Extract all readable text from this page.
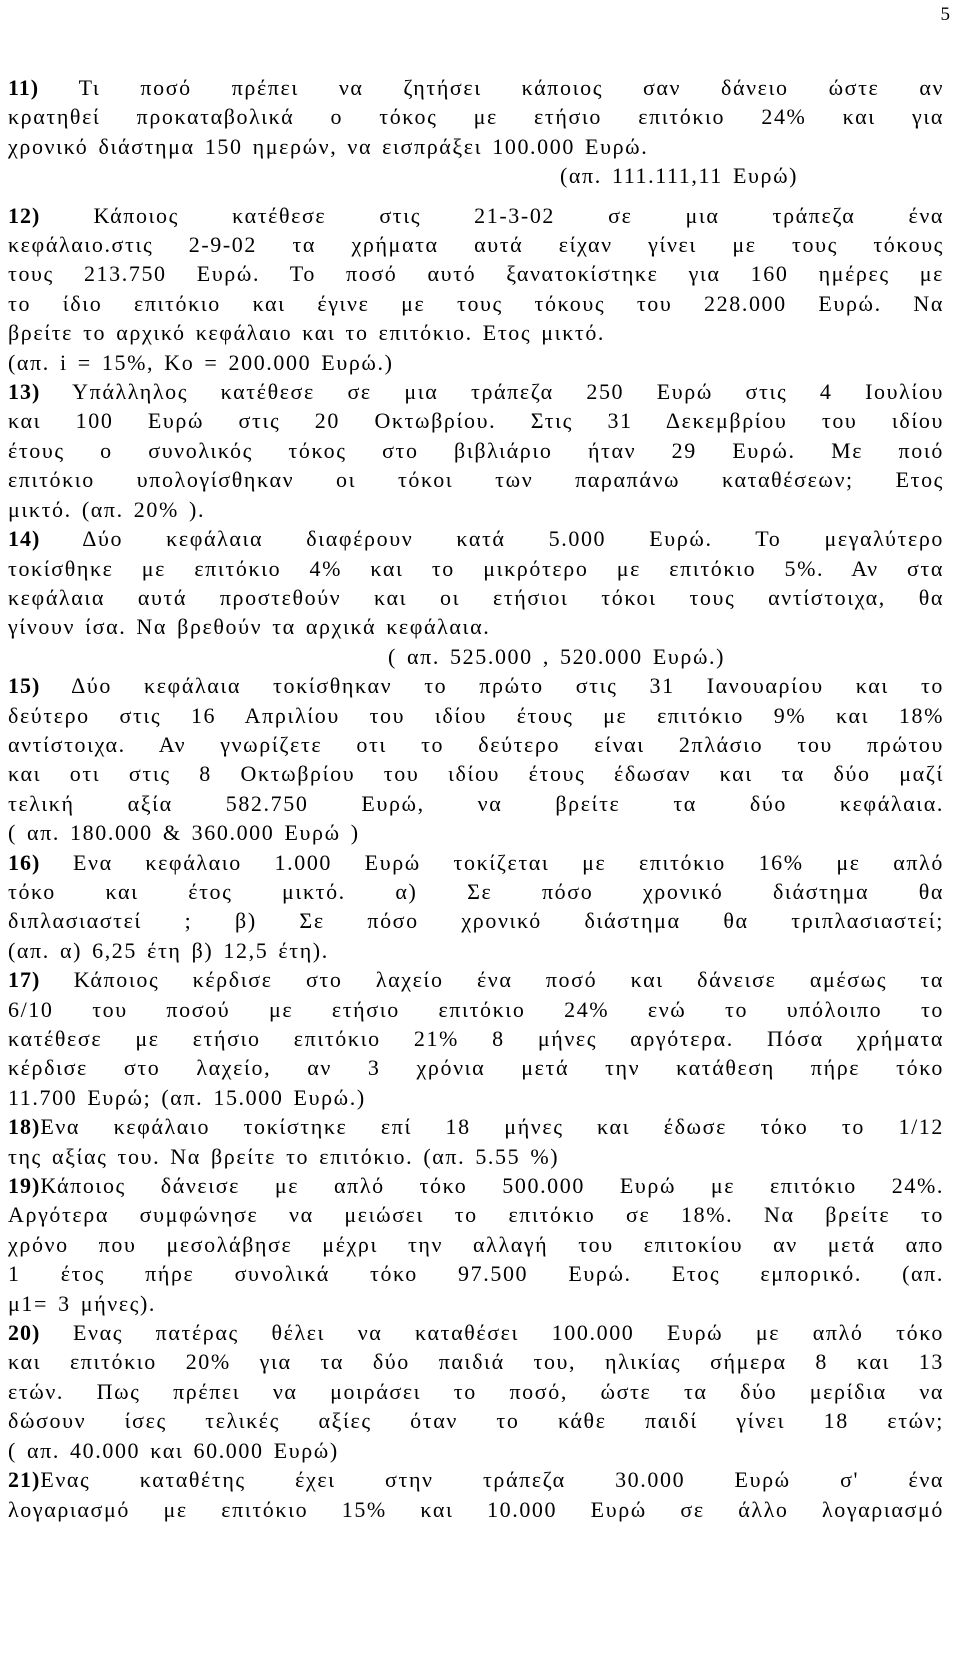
5
11) Τι ποσό πρέπει να ζητήσει κάποιος σαν δάνειο ώστε αν
κρατηθεί προκαταβολικά ο τόκος με ετήσιο επιτόκιο 24% και για
χρονικό διάστημα 150 ημερών, να εισπράξει 100.000 Ευρώ.
(απ. 111.111,11 Ευρώ)
12) Κάποιος κατέθεσε στις 21-3-02 σε μια τράπεζα ένα
κεφάλαιο.στις 2-9-02 τα χρήματα αυτά είχαν γίνει με τους τόκους
τους 213.750 Ευρώ. Το ποσό αυτό ξανατοκίστηκε για 160 ημέρες με
το ίδιο επιτόκιο και έγινε με τους τόκους του 228.000 Ευρώ. Να
βρείτε το αρχικό κεφάλαιο και το επιτόκιο. Ετος μικτό.
(απ. i = 15%, Κο = 200.000 Ευρώ.)
13) Υπάλληλος κατέθεσε σε μια τράπεζα 250 Ευρώ στις 4 Ιουλίου
και 100 Ευρώ στις 20 Οκτωβρίου. Στις 31 Δεκεμβρίου του ιδίου
έτους ο συνολικός τόκος στο βιβλιάριο ήταν 29 Ευρώ. Με ποιό
επιτόκιο υπολογίσθηκαν οι τόκοι των παραπάνω καταθέσεων; Ετος
μικτό. (απ. 20% ).
14) Δύο κεφάλαια διαφέρουν κατά 5.000 Ευρώ. Το μεγαλύτερο
τοκίσθηκε με επιτόκιο 4% και το μικρότερο με επιτόκιο 5%. Αν στα
κεφάλαια αυτά προστεθούν και οι ετήσιοι τόκοι τους αντίστοιχα, θα
γίνουν ίσα. Να βρεθούν τα αρχικά κεφάλαια.
( απ. 525.000 , 520.000 Ευρώ.)
15) Δύο κεφάλαια τοκίσθηκαν το πρώτο στις 31 Ιανουαρίου και το
δεύτερο στις 16 Απριλίου του ιδίου έτους με επιτόκιο 9% και 18%
αντίστοιχα. Αν γνωρίζετε οτι το δεύτερο είναι 2πλάσιο του πρώτου
και οτι στις 8 Οκτωβρίου του ιδίου έτους έδωσαν και τα δύο μαζί
τελική αξία 582.750 Ευρώ, να βρείτε τα δύο κεφάλαια.
( απ. 180.000 & 360.000 Ευρώ )
16) Ενα κεφάλαιο 1.000 Ευρώ τοκίζεται με επιτόκιο 16% με απλό
τόκο και έτος μικτό. α) Σε πόσο χρονικό διάστημα θα
διπλασιαστεί ; β) Σε πόσο χρονικό διάστημα θα τριπλασιαστεί;
(απ. α) 6,25 έτη β) 12,5 έτη).
17) Κάποιος κέρδισε στο λαχείο ένα ποσό και δάνεισε αμέσως τα
6/10 του ποσού με ετήσιο επιτόκιο 24% ενώ το υπόλοιπο το
κατέθεσε με ετήσιο επιτόκιο 21% 8 μήνες αργότερα. Πόσα χρήματα
κέρδισε στο λαχείο, αν 3 χρόνια μετά την κατάθεση πήρε τόκο
11.700 Ευρώ; (απ. 15.000 Ευρώ.)
18)Ενα κεφάλαιο τοκίστηκε επί 18 μήνες και έδωσε τόκο το 1/12
της αξίας του. Να βρείτε το επιτόκιο. (απ. 5.55 %)
19)Κάποιος δάνεισε με απλό τόκο 500.000 Ευρώ με επιτόκιο 24%.
Αργότερα συμφώνησε να μειώσει το επιτόκιο σε 18%. Να βρείτε το
χρόνο που μεσολάβησε μέχρι την αλλαγή του επιτοκίου αν μετά απο
1 έτος πήρε συνολικά τόκο 97.500 Ευρώ. Ετος εμπορικό. (απ.
μ1= 3 μήνες).
20) Ενας πατέρας θέλει να καταθέσει 100.000 Ευρώ με απλό τόκο
και επιτόκιο 20% για τα δύο παιδιά του, ηλικίας σήμερα 8 και 13
ετών. Πως πρέπει να μοιράσει το ποσό, ώστε τα δύο μερίδια να
δώσουν ίσες τελικές αξίες όταν το κάθε παιδί γίνει 18 ετών;
( απ. 40.000 και 60.000 Ευρώ)
21)Ενας καταθέτης έχει στην τράπεζα 30.000 Ευρώ σ' ένα
λογαριασμό με επιτόκιο 15% και 10.000 Ευρώ σε άλλο λογαριασμό
